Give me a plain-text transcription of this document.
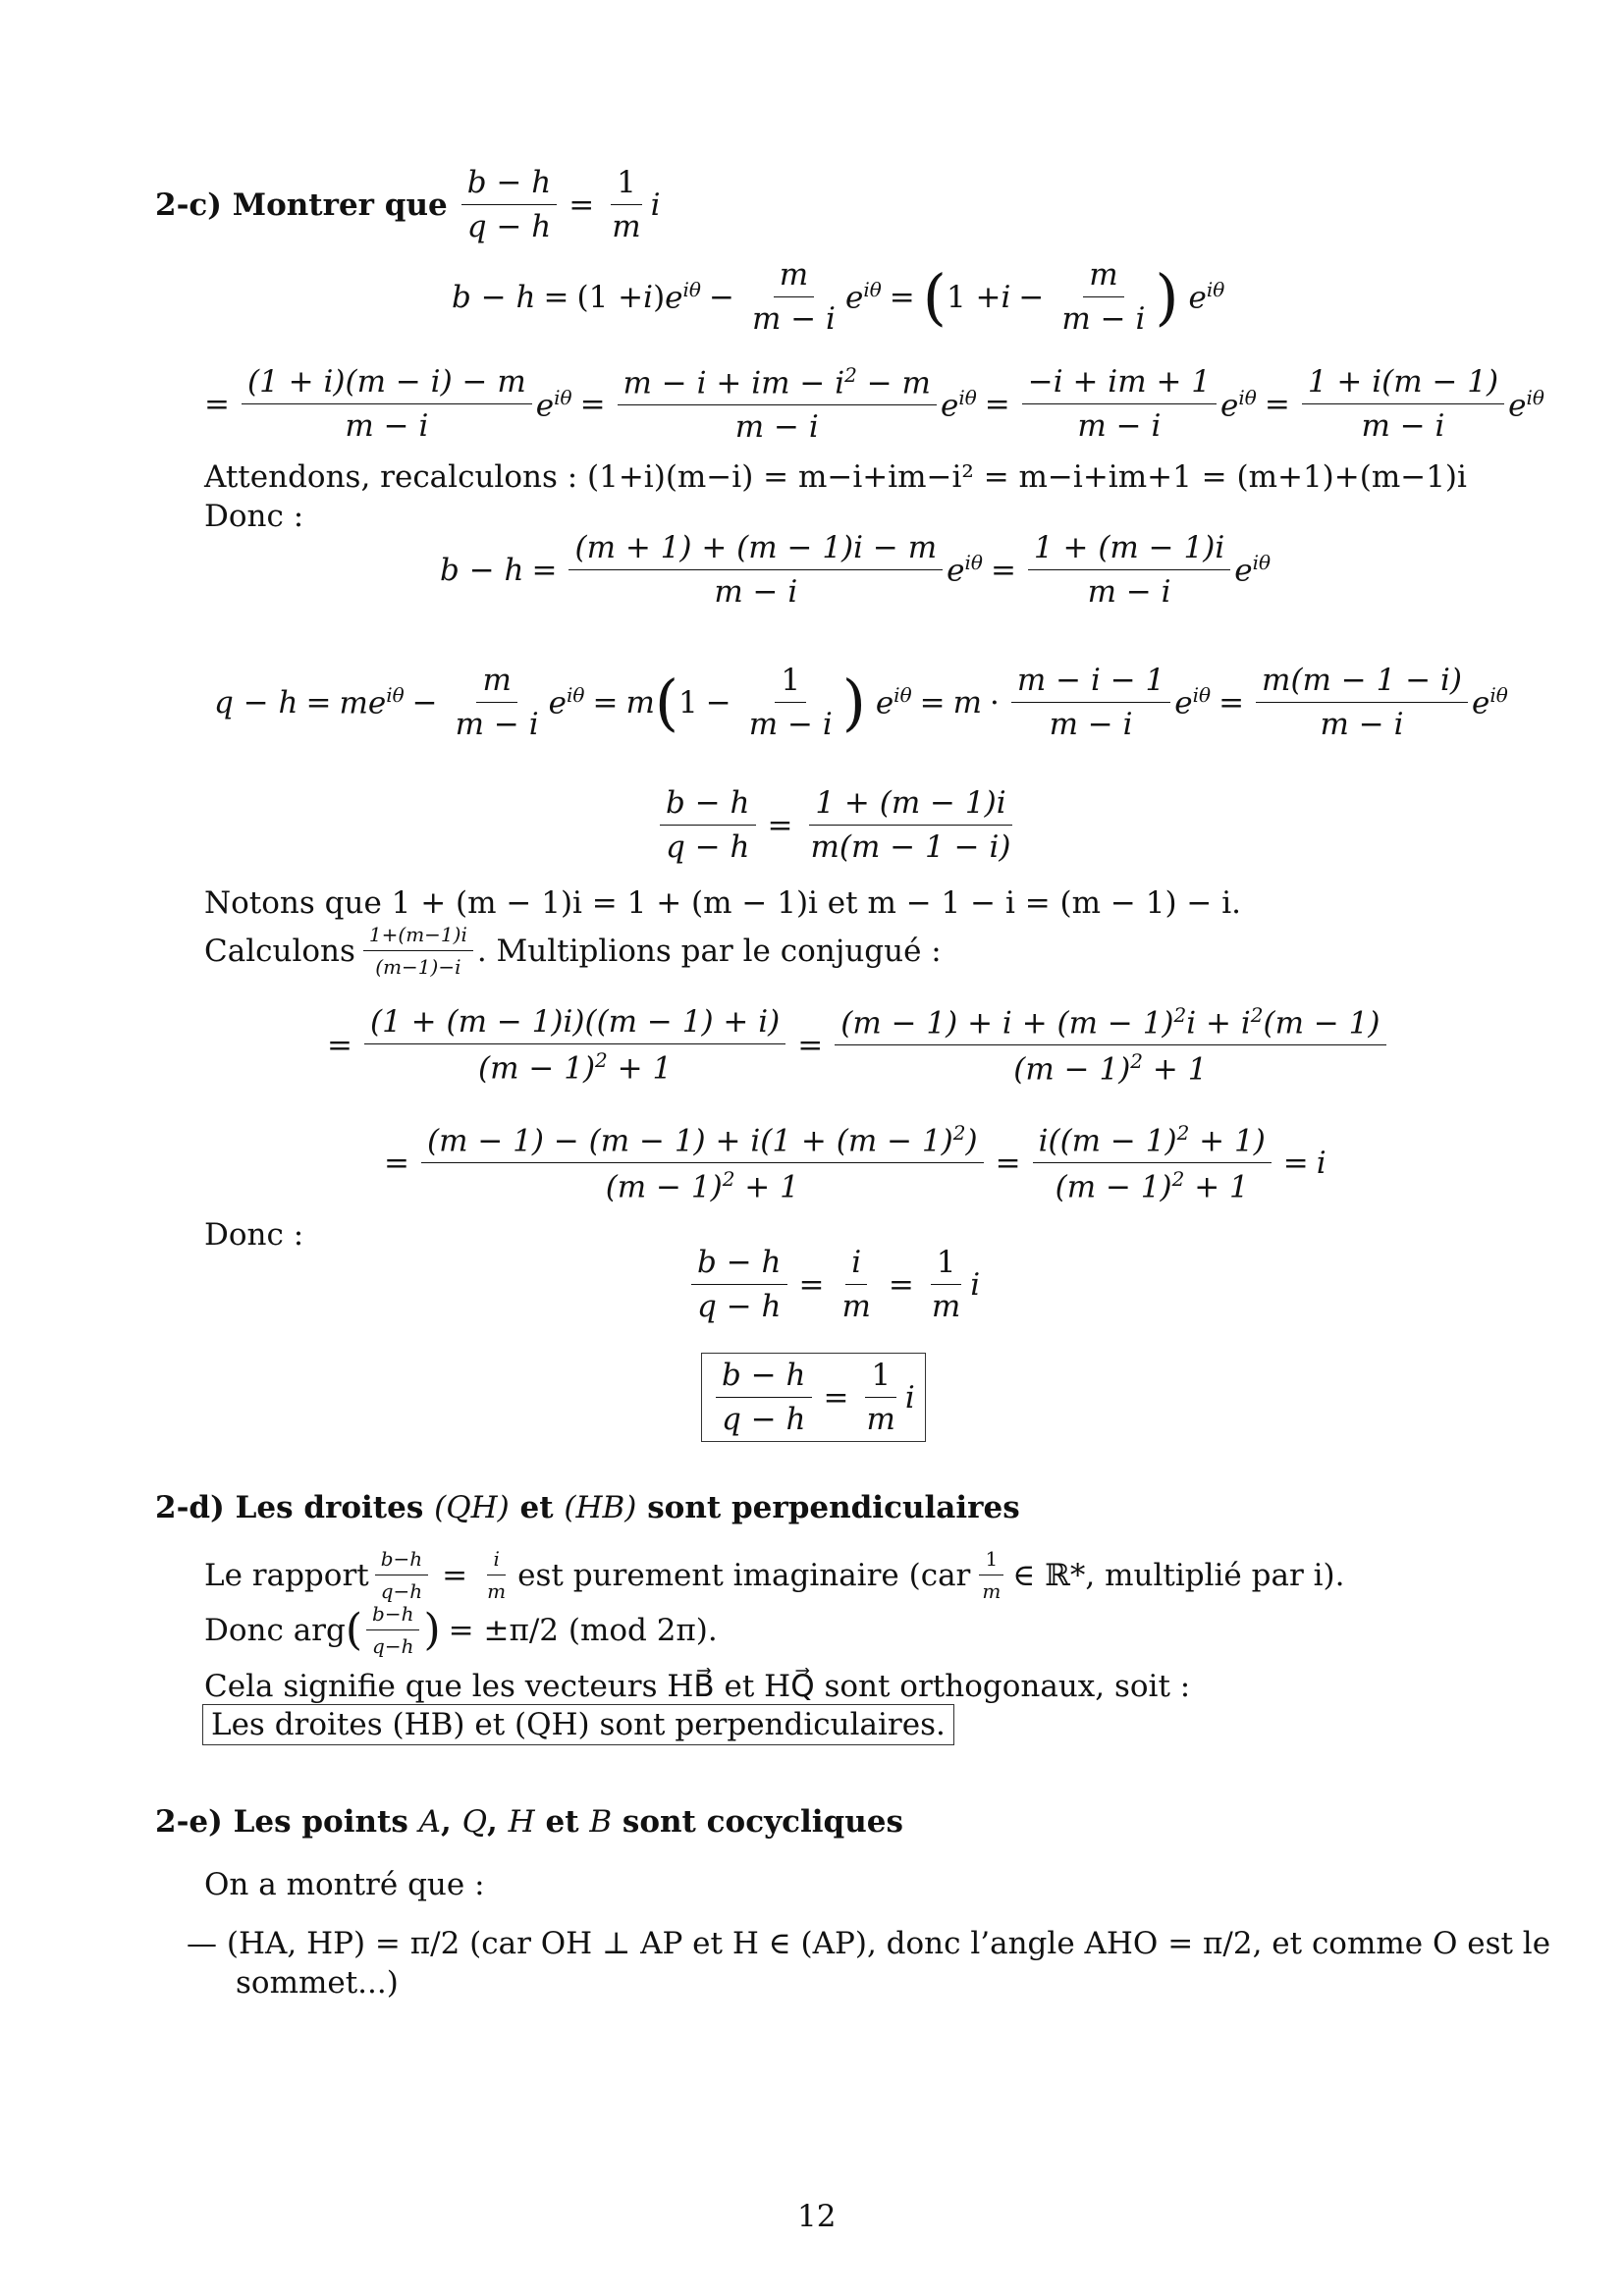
2-c) Montrer que $\frac{b - h}{q - h} = \frac{1}{m}$ i
b − h = (1 + i ) $e^{i\theta} - \frac{m}{m - i} e^{i\theta}$ = ( $1 + i - \frac{m}{m - i}$ ) $e^{i\theta}$
= $\frac{(1 + i)(m - i) - m}{m - i} e^{i\theta} = \frac{m - i + im - i^2 - m}{m - i} e^{i\theta} = \frac{-i + im + 1}{m - i} e^{i\theta} = \frac{1 + i(m - 1)}{m - i} e^{i\theta}$
Attendons, recalculons : (1+i)(m−i) = m−i+im−i² = m−i+im+1 = (m+1)+(m−1)i
Donc :
$b - h = \frac{(m + 1) + (m - 1)i - m}{m - i} e^{i\theta} = \frac{1 + (m - 1)i}{m - i} e^{i\theta}$
$q - h = me^{i\theta} - \frac{m}{m - i} e^{i\theta} = m$ ( $1 - \frac{1}{m - i}$ ) $e^{i\theta} = m \cdot \frac{m - i - 1}{m - i} e^{i\theta} = \frac{m(m - 1 - i)}{m - i} e^{i\theta}$
$\frac{b - h}{q - h} = \frac{1 + (m - 1)i}{m(m - 1 - i)}$
Notons que 1 + (m − 1)i = 1 + (m − 1)i et m − 1 − i = (m − 1) − i.
Calculons $\frac{1+(m-1)i}{(m-1)-i}$ . Multiplions par le conjugué :
= $\frac{(1 + (m - 1)i)((m - 1) + i)}{(m - 1)^2 + 1} = \frac{(m - 1) + i + (m - 1)^2i + i^2(m - 1)}{(m - 1)^2 + 1}$
= $\frac{(m - 1) - (m - 1) + i(1 + (m - 1)^2)}{(m - 1)^2 + 1} = \frac{i((m - 1)^2 + 1)}{(m - 1)^2 + 1} = i$
Donc :
$\frac{b - h}{q - h} = \frac{i}{m} = \frac{1}{m}$ i
$\frac{b - h}{q - h} = \frac{1}{m}$ i
2-d) Les droites (QH) et (HB) sont perpendiculaires
Le rapport $\frac{b-h}{q-h} = \frac{i}{m}$ est purement imaginaire ($car \frac{1}{m}$ ∈ ℝ*, multiplié par i).
Donc arg ( $\frac{b-h}{q-h}$ ) = ±π/2 (mod 2π).
Cela signifie que les vecteurs HB⃗ et HQ⃗ sont orthogonaux, soit :
Les droites (HB) et (QH) sont perpendiculaires.
2-e) Les points A, Q, H et B sont cocycliques
On a montré que :
— (HA, HP) = π/2 (car OH ⊥ AP et H ∈ (AP), donc l’angle AHO = π/2, et comme O est le
sommet...)
12
